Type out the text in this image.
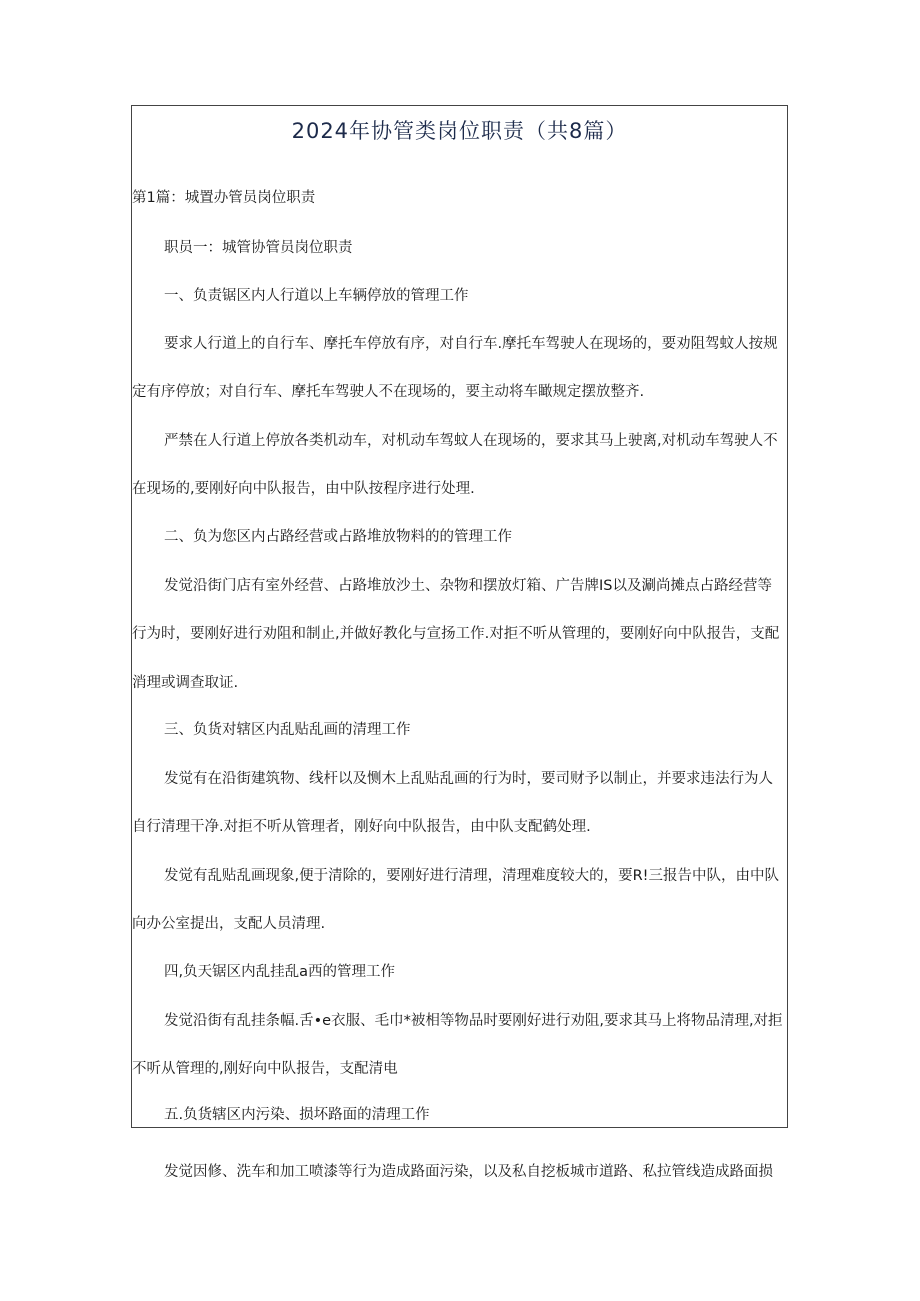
2024年协管类岗位职责（共8篇）
第1篇：城置办管员岗位职责
职员一：城管协管员岗位职责
一、负责锯区内人行道以上车辆停放的管理工作
要求人行道上的自行车、摩托车停放有序，对自行车.摩托车驾驶人在现场的，要劝阻驾蚊人按规
定有序停放；对自行车、摩托车驾驶人不在现场的，要主动将车瞰规定摆放整齐.
严禁在人行道上停放各类机动车，对机动车驾蚊人在现场的，要求其马上驶离,对机动车驾驶人不
在现场的,要刚好向中队报告，由中队按程序进行处理.
二、负为您区内占路经营或占路堆放物料的的管理工作
发觉沿街门店有室外经营、占路堆放沙土、杂物和摆放灯箱、广告牌IS以及涮尚摊点占路经营等
行为时，要刚好进行劝阻和制止,并做好教化与宣扬工作.对拒不听从管理的，要刚好向中队报告，支配
消理或调查取证.
三、负货对辖区内乱贴乱画的清理工作
发觉有在沿街建筑物、线杆以及恻木上乱贴乱画的行为时，要司财予以制止，并要求违法行为人
自行清理干净.对拒不听从管理者，刚好向中队报告，由中队支配鹤处理.
发觉有乱贴乱画现象,便于清除的，要刚好进行清理，清理难度较大的，要R!三报告中队，由中队
向办公室提出，支配人员清理.
四,负天锯区内乱挂乱a西的管理工作
发觉沿街有乱挂条幅.舌•e衣服、毛巾*被相等物品时要刚好进行劝阻,要求其马上将物品清理,对拒
不听从管理的,刚好向中队报告，支配清电
五.负货辖区内污染、损坏路面的清理工作
发觉因修、洗车和加工喷漆等行为造成路面污染，以及私自挖板城市道路、私拉管线造成路面损
